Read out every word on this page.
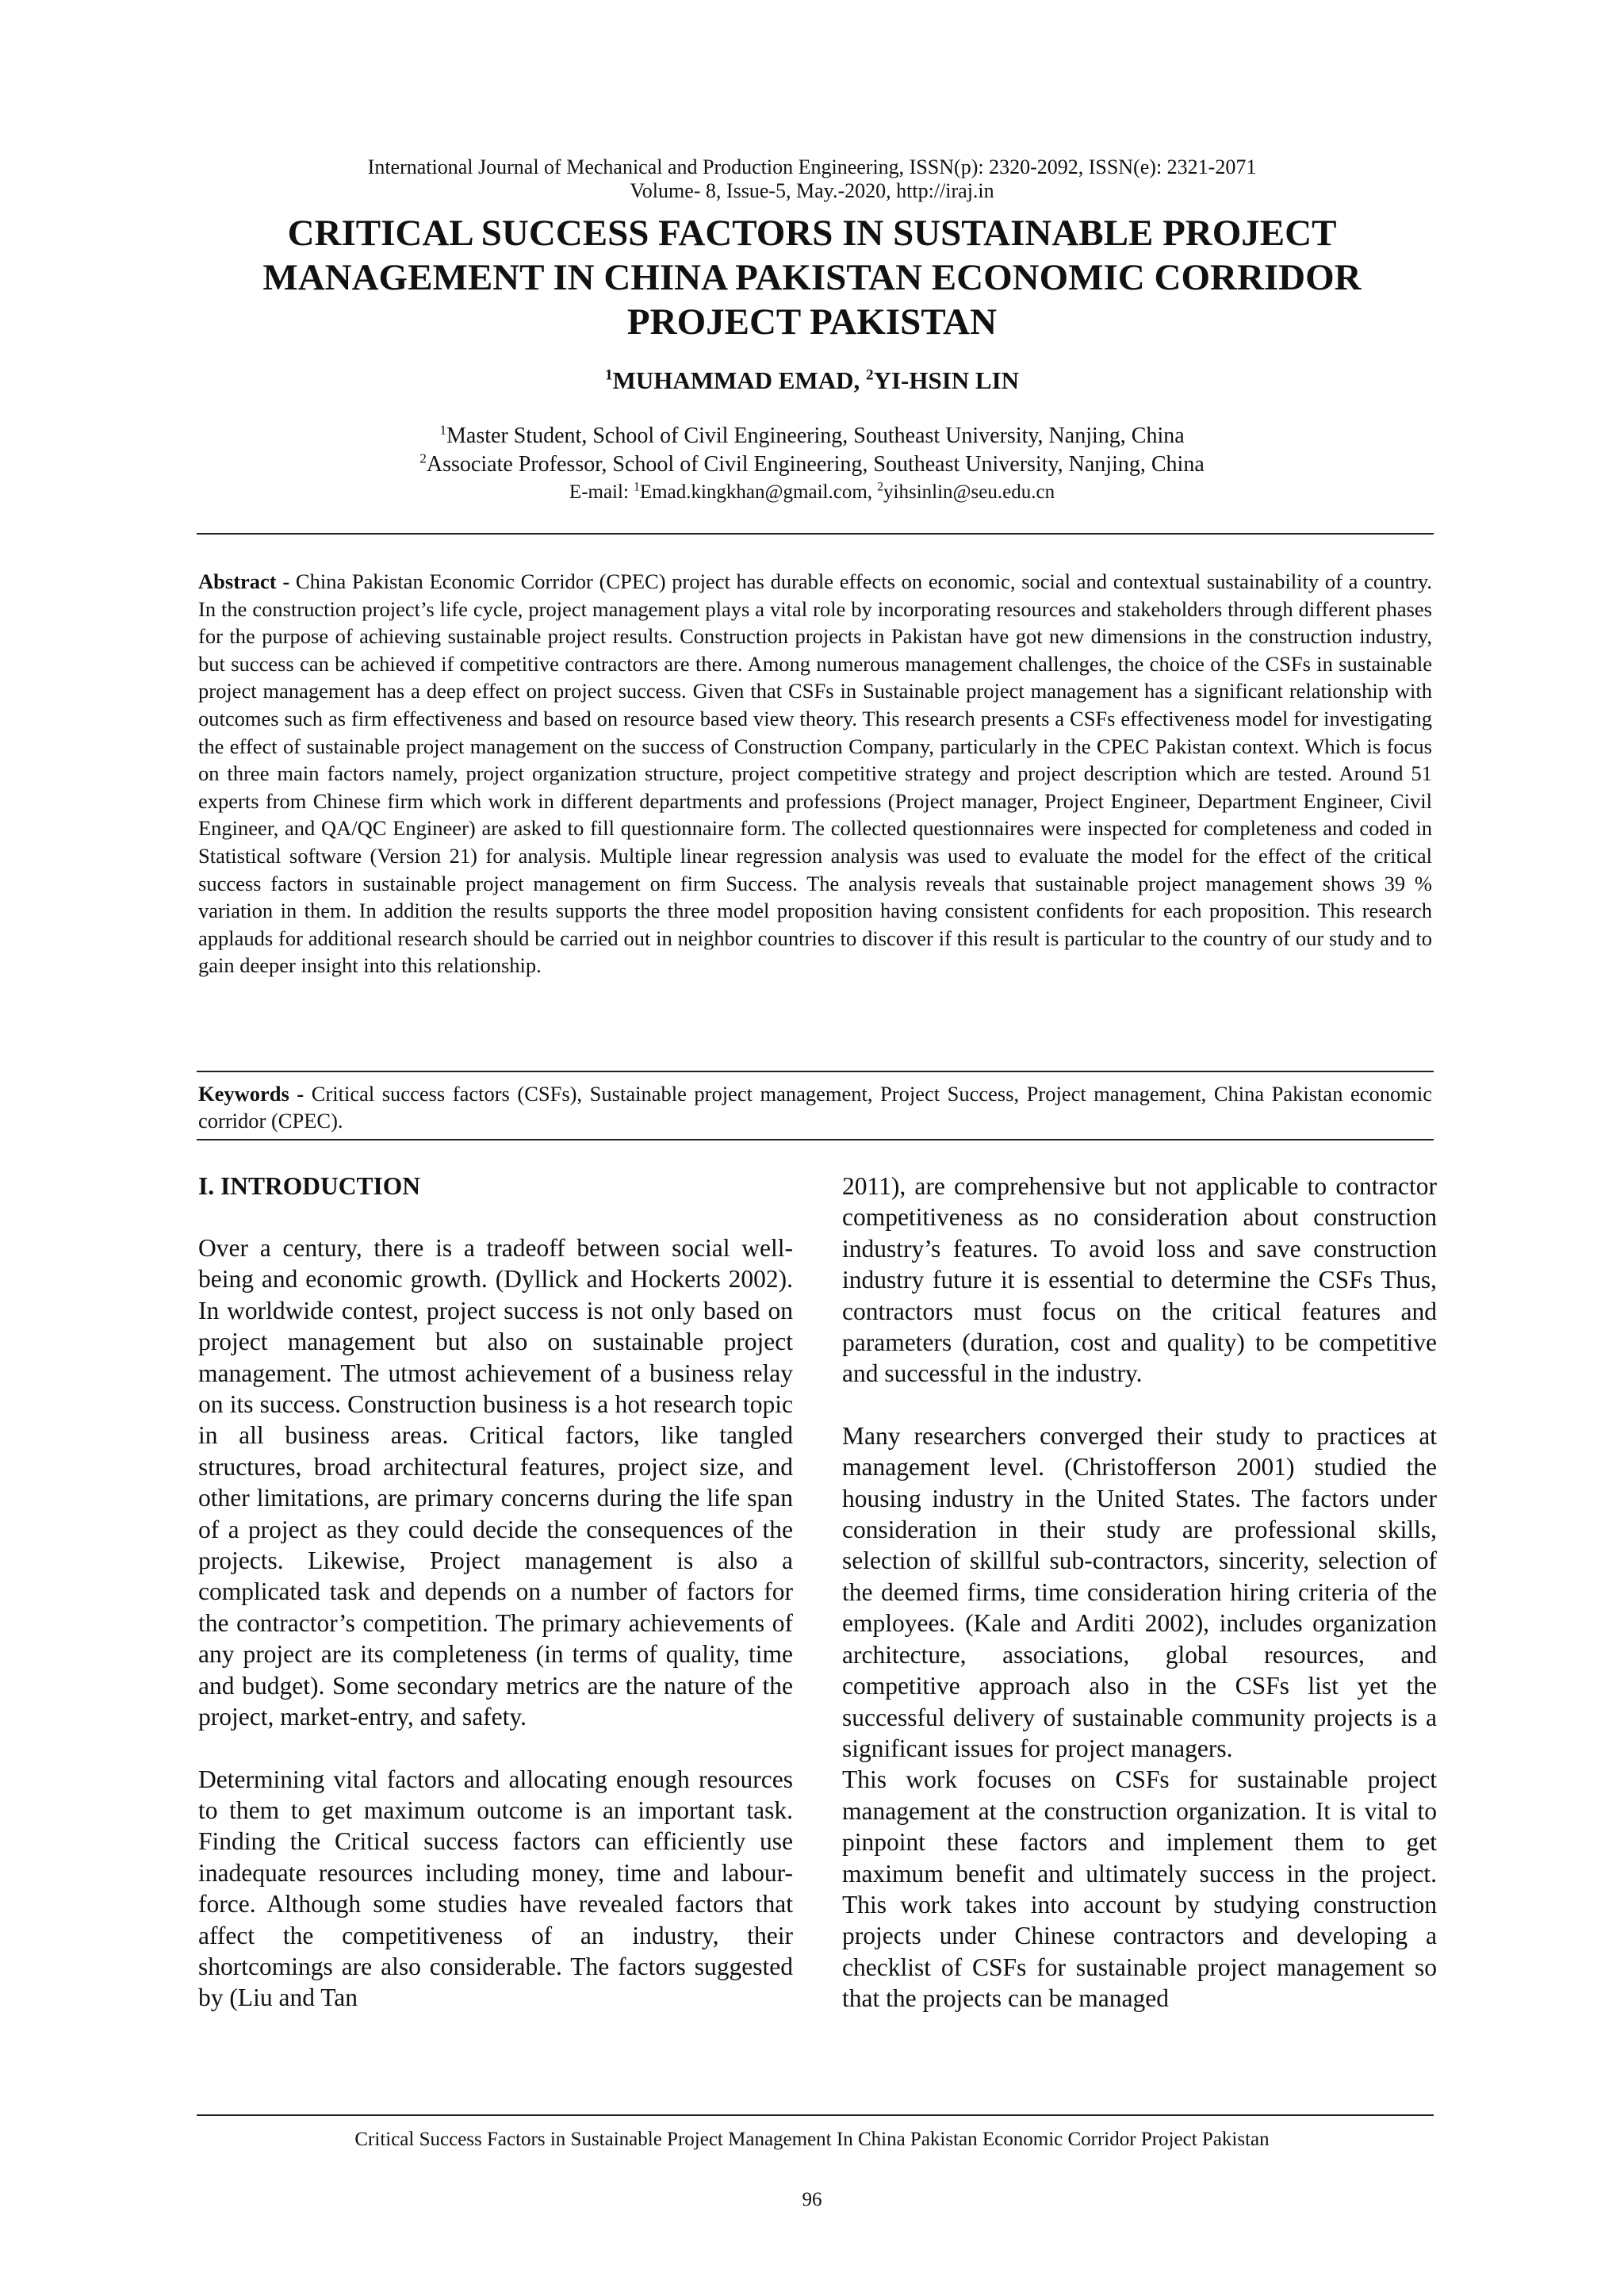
International Journal of Mechanical and Production Engineering, ISSN(p): 2320-2092, ISSN(e): 2321-2071
Volume- 8, Issue-5, May.-2020, http://iraj.in
CRITICAL SUCCESS FACTORS IN SUSTAINABLE PROJECT MANAGEMENT IN CHINA PAKISTAN ECONOMIC CORRIDOR PROJECT PAKISTAN
$^1$MUHAMMAD EMAD, $^2$YI-HSIN LIN
$^1$Master Student, School of Civil Engineering, Southeast University, Nanjing, China
$^2$Associate Professor, School of Civil Engineering, Southeast University, Nanjing, China
E-mail: $^1$Emad.kingkhan@gmail.com, $^2$yihsinlin@seu.edu.cn
Abstract - China Pakistan Economic Corridor (CPEC) project has durable effects on economic, social and contextual sustainability of a country. In the construction project’s life cycle, project management plays a vital role by incorporating resources and stakeholders through different phases for the purpose of achieving sustainable project results. Construction projects in Pakistan have got new dimensions in the construction industry, but success can be achieved if competitive contractors are there. Among numerous management challenges, the choice of the CSFs in sustainable project management has a deep effect on project success. Given that CSFs in Sustainable project management has a significant relationship with outcomes such as firm effectiveness and based on resource based view theory. This research presents a CSFs effectiveness model for investigating the effect of sustainable project management on the success of Construction Company, particularly in the CPEC Pakistan context. Which is focus on three main factors namely, project organization structure, project competitive strategy and project description which are tested. Around 51 experts from Chinese firm which work in different departments and professions (Project manager, Project Engineer, Department Engineer, Civil Engineer, and QA/QC Engineer) are asked to fill questionnaire form. The collected questionnaires were inspected for completeness and coded in Statistical software (Version 21) for analysis. Multiple linear regression analysis was used to evaluate the model for the effect of the critical success factors in sustainable project management on firm Success. The analysis reveals that sustainable project management shows 39 % variation in them. In addition the results supports the three model proposition having consistent confidents for each proposition. This research applauds for additional research should be carried out in neighbor countries to discover if this result is particular to the country of our study and to gain deeper insight into this relationship.
Keywords - Critical success factors (CSFs), Sustainable project management, Project Success, Project management, China Pakistan economic corridor (CPEC).
I. INTRODUCTION

Over a century, there is a tradeoff between social well-being and economic growth. (Dyllick and Hockerts 2002). In worldwide contest, project success is not only based on project management but also on sustainable project management. The utmost achievement of a business relay on its success. Construction business is a hot research topic in all business areas. Critical factors, like tangled structures, broad architectural features, project size, and other limitations, are primary concerns during the life span of a project as they could decide the consequences of the projects. Likewise, Project management is also a complicated task and depends on a number of factors for the contractor’s competition. The primary achievements of any project are its completeness (in terms of quality, time and budget). Some secondary metrics are the nature of the project, market-entry, and safety.

Determining vital factors and allocating enough resources to them to get maximum outcome is an important task. Finding the Critical success factors can efficiently use inadequate resources including money, time and labour-force. Although some studies have revealed factors that affect the competitiveness of an industry, their shortcomings are also considerable. The factors suggested by (Liu and Tan

2011), are comprehensive but not applicable to contractor competitiveness as no consideration about construction industry’s features. To avoid loss and save construction industry future it is essential to determine the CSFs Thus, contractors must focus on the critical features and parameters (duration, cost and quality) to be competitive and successful in the industry.

Many researchers converged their study to practices at management level. (Christofferson 2001) studied the housing industry in the United States. The factors under consideration in their study are professional skills, selection of skillful sub-contractors, sincerity, selection of the deemed firms, time consideration hiring criteria of the employees. (Kale and Arditi 2002), includes organization architecture, associations, global resources, and competitive approach also in the CSFs list yet the successful delivery of sustainable community projects is a significant issues for project managers.

This work focuses on CSFs for sustainable project management at the construction organization. It is vital to pinpoint these factors and implement them to get maximum benefit and ultimately success in the project. This work takes into account by studying construction projects under Chinese contractors and developing a checklist of CSFs for sustainable project management so that the projects can be managed

Critical Success Factors in Sustainable Project Management In China Pakistan Economic Corridor Project Pakistan
96
